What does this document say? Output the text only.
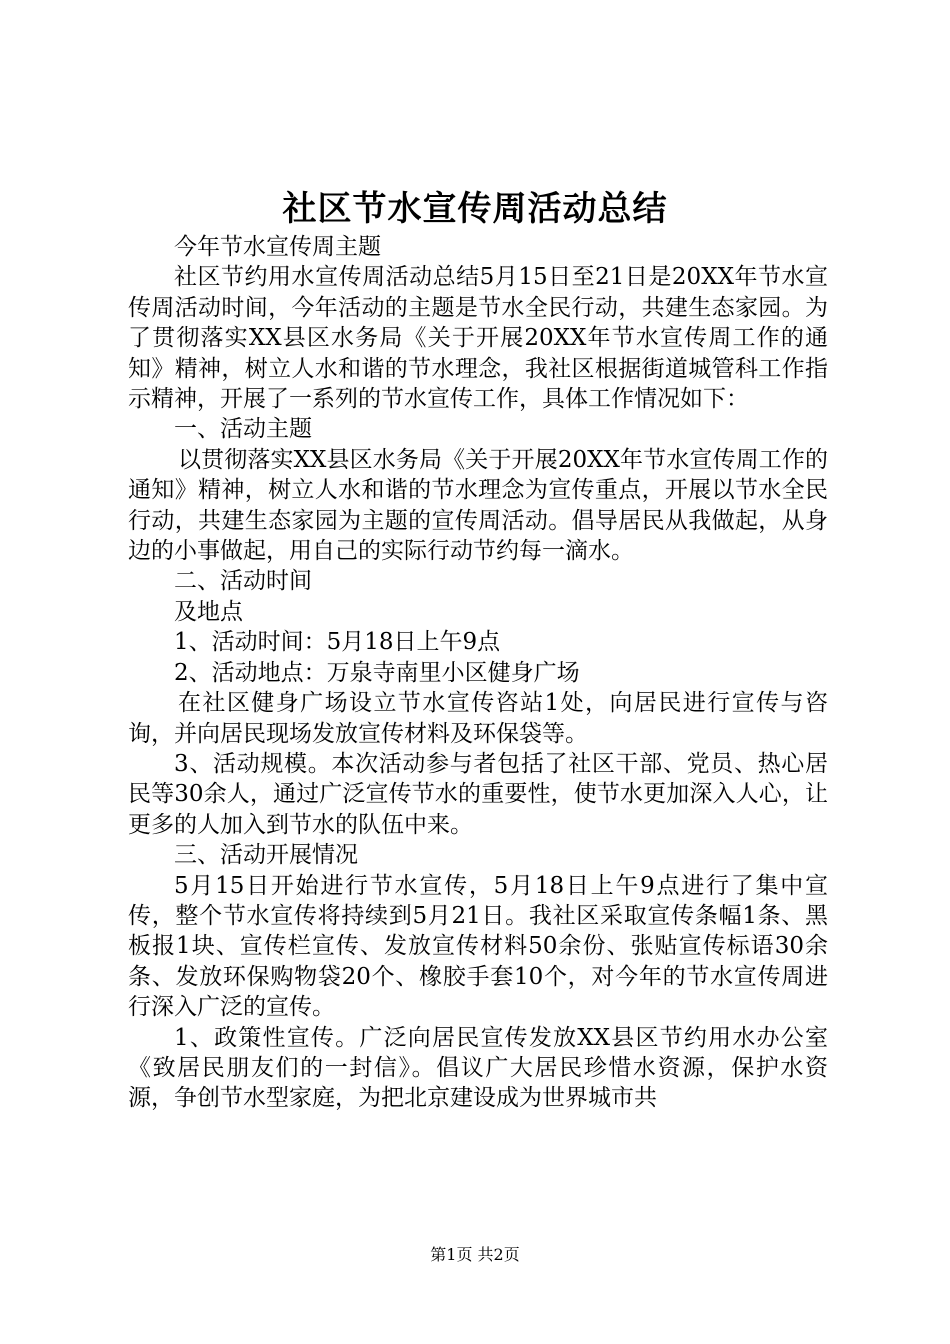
社区节水宣传周活动总结

今年节水宣传周主题

社区节约用水宣传周活动总结5月15日至21日是20XX年节水宣传周活动时间，今年活动的主题是节水全民行动，共建生态家园。为了贯彻落实XX县区水务局《关于开展20XX年节水宣传周工作的通知》精神，树立人水和谐的节水理念，我社区根据街道城管科工作指示精神，开展了一系列的节水宣传工作，具体工作情况如下：

一、活动主题

以贯彻落实XX县区水务局《关于开展20XX年节水宣传周工作的通知》精神，树立人水和谐的节水理念为宣传重点，开展以节水全民行动，共建生态家园为主题的宣传周活动。倡导居民从我做起，从身边的小事做起，用自己的实际行动节约每一滴水。

二、活动时间

及地点

1、活动时间：5月18日上午9点

2、活动地点：万泉寺南里小区健身广场

在社区健身广场设立节水宣传咨站1处，向居民进行宣传与咨询，并向居民现场发放宣传材料及环保袋等。

3、活动规模。本次活动参与者包括了社区干部、党员、热心居民等30余人，通过广泛宣传节水的重要性，使节水更加深入人心，让更多的人加入到节水的队伍中来。

三、活动开展情况

5月15日开始进行节水宣传，5月18日上午9点进行了集中宣传，整个节水宣传将持续到5月21日。我社区采取宣传条幅1条、黑板报1块、宣传栏宣传、发放宣传材料50余份、张贴宣传标语30余条、发放环保购物袋20个、橡胶手套10个，对今年的节水宣传周进行深入广泛的宣传。

1、政策性宣传。广泛向居民宣传发放XX县区节约用水办公室《致居民朋友们的一封信》。倡议广大居民珍惜水资源，保护水资源，争创节水型家庭，为把北京建设成为世界城市共

第1页 共2页
